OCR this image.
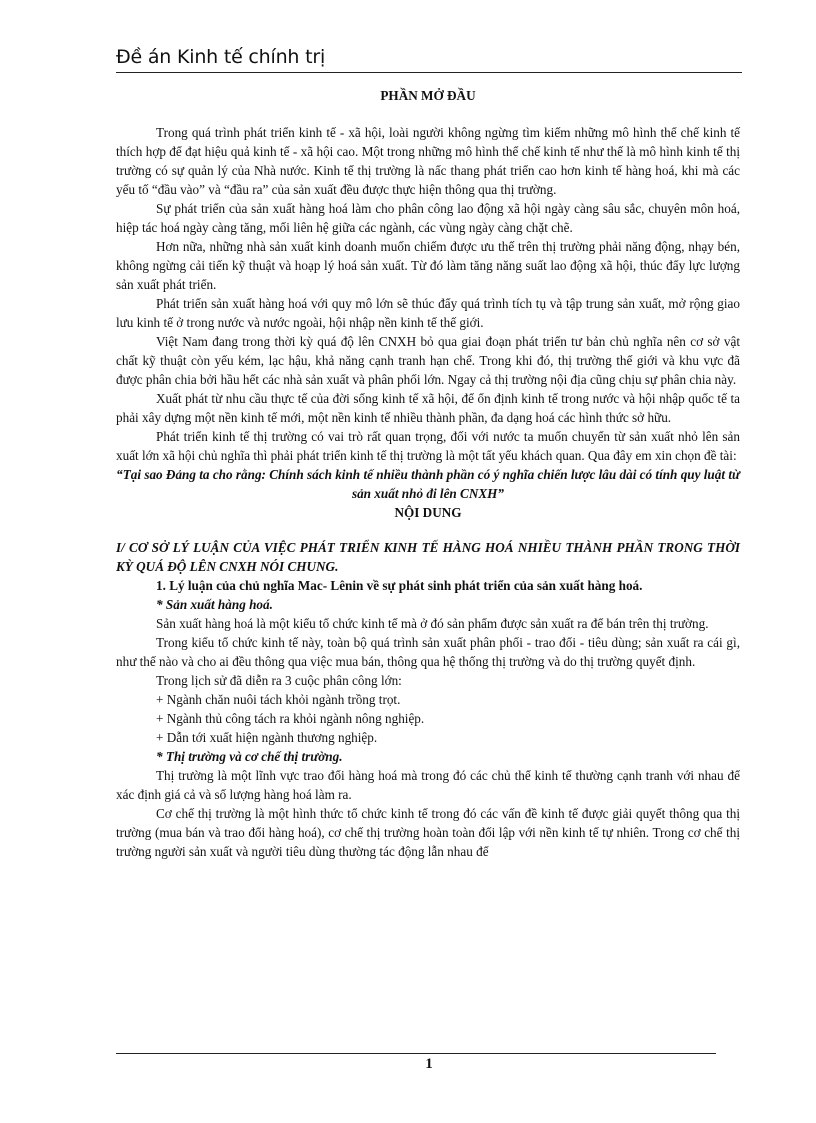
Đề án Kinh tế chính trị

PHẦN MỞ ĐẦU

Trong quá trình phát triển kinh tế - xã hội, loài người không ngừng tìm kiếm những mô hình thể chế kinh tế thích hợp để đạt hiệu quả kinh tế - xã hội cao. Một trong những mô hình thể chế kinh tế như thế là mô hình kinh tế thị trường có sự quản lý của Nhà nước. Kinh tế thị trường là nấc thang phát triển cao hơn kinh tế hàng hoá, khi mà các yếu tố “đầu vào” và “đầu ra” của sản xuất đều được thực hiện thông qua thị trường.

Sự phát triển của sản xuất hàng hoá làm cho phân công lao động xã hội ngày càng sâu sắc, chuyên môn hoá, hiệp tác hoá ngày càng tăng, mối liên hệ giữa các ngành, các vùng ngày càng chặt chẽ.

Hơn nữa, những nhà sản xuất kinh doanh muốn chiếm được ưu thế trên thị trường phải năng động, nhạy bén, không ngừng cải tiến kỹ thuật và hoạp lý hoá sản xuất. Từ đó làm tăng năng suất lao động xã hội, thúc đẩy lực lượng sản xuất phát triển.

Phát triển sản xuất hàng hoá với quy mô lớn sẽ thúc đẩy quá trình tích tụ và tập trung sản xuất, mở rộng giao lưu kinh tế ở trong nước và nước ngoài, hội nhập nền kinh tế thế giới.

Việt Nam đang trong thời kỳ quá độ lên CNXH bỏ qua giai đoạn phát triển tư bản chủ nghĩa nên cơ sở vật chất kỹ thuật còn yếu kém, lạc hậu, khả năng cạnh tranh hạn chế. Trong khi đó, thị trường thế giới và khu vực đã được phân chia bởi hầu hết các nhà sản xuất và phân phối lớn. Ngay cả thị trường nội địa cũng chịu sự phân chia này.

Xuất phát từ nhu cầu thực tế của đời sống kinh tế xã hội, để ổn định kinh tế trong nước và hội nhập quốc tế ta phải xây dựng một nền kinh tế mới, một nền kinh tế nhiều thành phần, đa dạng hoá các hình thức sở hữu.

Phát triển kinh tế thị trường có vai trò rất quan trọng, đối với nước ta muốn chuyển từ sản xuất nhỏ lên sản xuất lớn xã hội chủ nghĩa thì phải phát triển kinh tế thị trường là một tất yếu khách quan. Qua đây em xin chọn đề tài:

“Tại sao Đảng ta cho rằng: Chính sách kinh tế nhiều thành phần có ý nghĩa chiến lược lâu dài có tính quy luật từ sản xuất nhỏ đi lên CNXH”

NỘI DUNG

I/ CƠ SỞ LÝ LUẬN CỦA VIỆC PHÁT TRIỂN KINH TẾ HÀNG HOÁ NHIỀU THÀNH PHẦN TRONG THỜI KỲ QUÁ ĐỘ LÊN CNXH NÓI CHUNG.

1. Lý luận của chủ nghĩa Mac- Lênin về sự phát sinh phát triển của sản xuất hàng hoá.

* Sản xuất hàng hoá.

Sản xuất hàng hoá là một kiểu tổ chức kinh tế mà ở đó sản phẩm được sản xuất ra để bán trên thị trường.

Trong kiểu tổ chức kinh tế này, toàn bộ quá trình sản xuất phân phối - trao đổi - tiêu dùng; sản xuất ra cái gì, như thế nào và cho ai đều thông qua việc mua bán, thông qua hệ thống thị trường và do thị trường quyết định.

Trong lịch sử đã diễn ra 3 cuộc phân công lớn:

+ Ngành chăn nuôi tách khỏi ngành trồng trọt.

+ Ngành thủ công tách ra khỏi ngành nông nghiệp.

+ Dẫn tới xuất hiện ngành thương nghiệp.

* Thị trường và cơ chế thị trường.

Thị trường là một lĩnh vực trao đổi hàng hoá mà trong đó các chủ thể kinh tế thường cạnh tranh với nhau để xác định giá cả và số lượng hàng hoá làm ra.

Cơ chế thị trường là một hình thức tổ chức kinh tế trong đó các vấn đề kinh tế được giải quyết thông qua thị trường (mua bán và trao đổi hàng hoá), cơ chế thị trường hoàn toàn đối lập với nền kinh tế tự nhiên. Trong cơ chế thị trường người sản xuất và người tiêu dùng thường tác động lẫn nhau để

1
